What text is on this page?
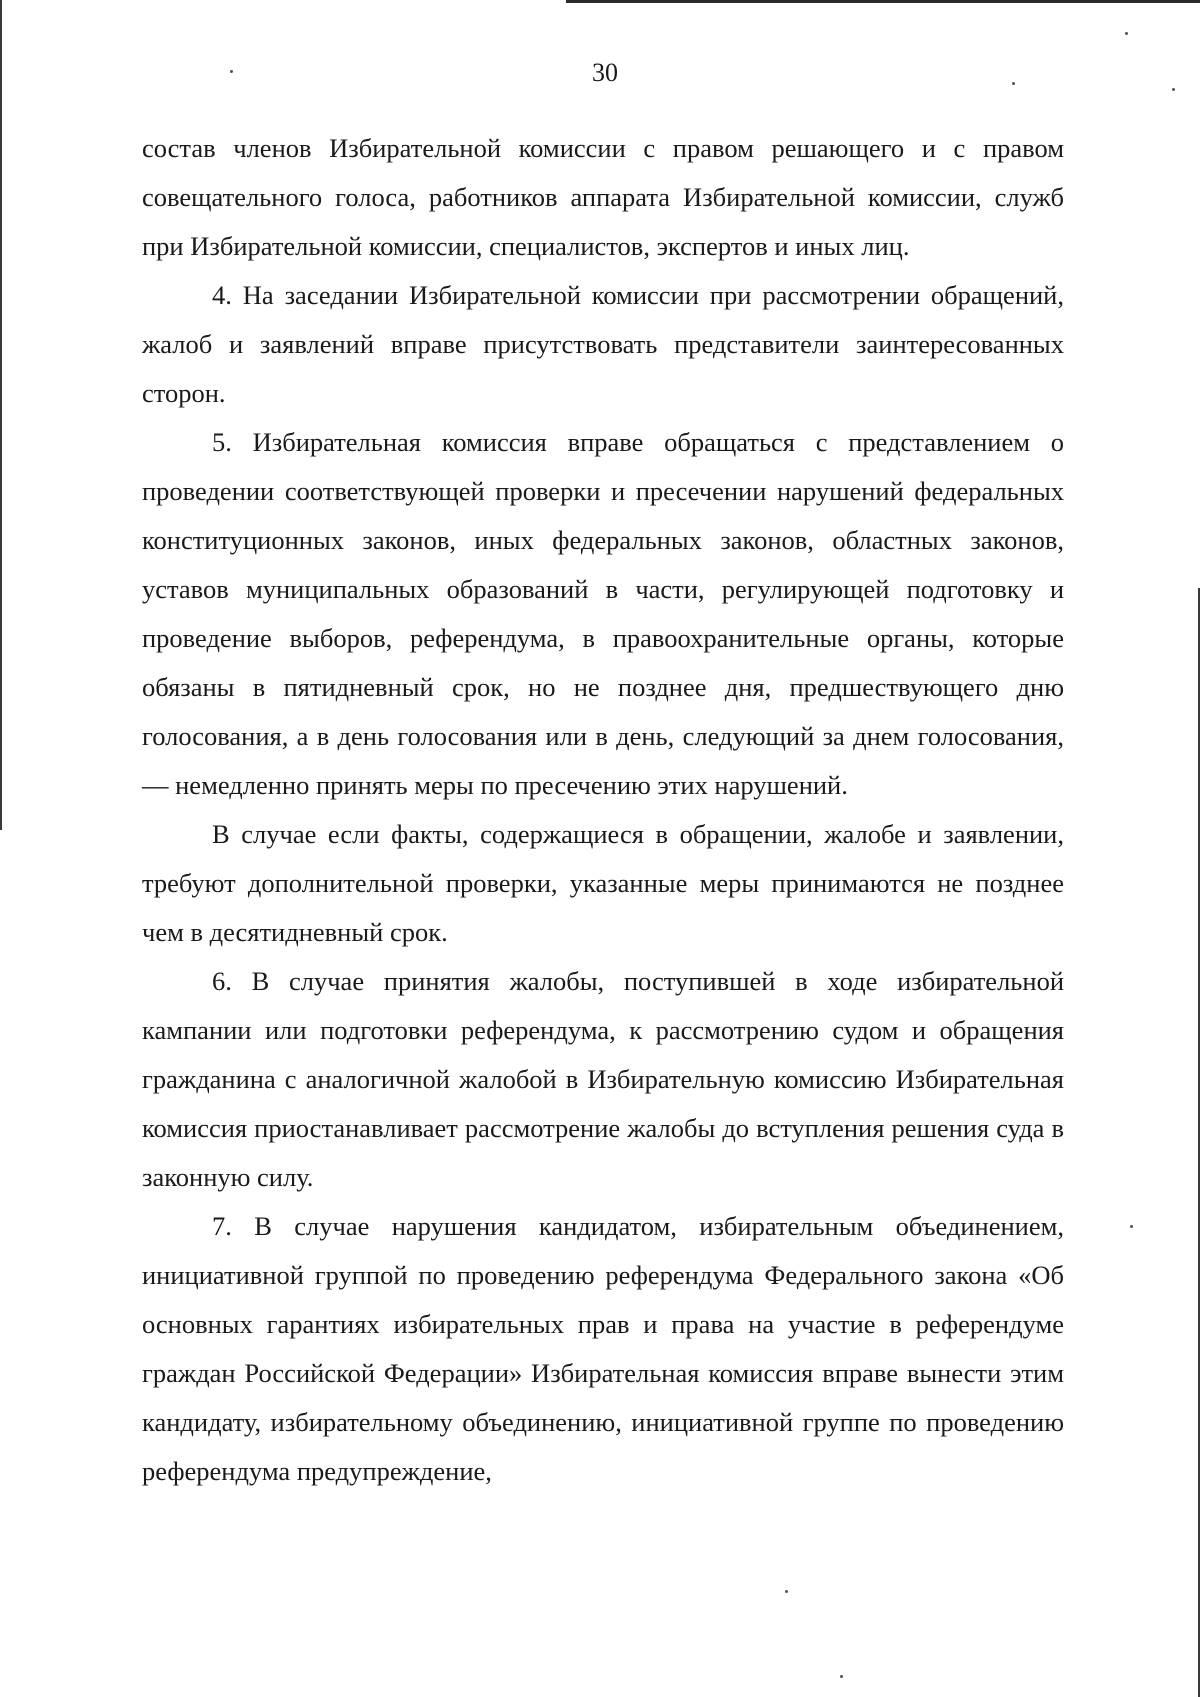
30

состав членов Избирательной комиссии с правом решающего и с правом совещательного голоса, работников аппарата Избирательной комиссии, служб при Избирательной комиссии, специалистов, экспертов и иных лиц.

4. На заседании Избирательной комиссии при рассмотрении обращений, жалоб и заявлений вправе присутствовать представители заинтересованных сторон.

5. Избирательная комиссия вправе обращаться с представлением о проведении соответствующей проверки и пресечении нарушений федеральных конституционных законов, иных федеральных законов, областных законов, уставов муниципальных образований в части, регулирующей подготовку и проведение выборов, референдума, в правоохранительные органы, которые обязаны в пятидневный срок, но не позднее дня, предшествующего дню голосования, а в день голосования или в день, следующий за днем голосования, — немедленно принять меры по пресечению этих нарушений.

В случае если факты, содержащиеся в обращении, жалобе и заявлении, требуют дополнительной проверки, указанные меры принимаются не позднее чем в десятидневный срок.

6. В случае принятия жалобы, поступившей в ходе избирательной кампании или подготовки референдума, к рассмотрению судом и обращения гражданина с аналогичной жалобой в Избирательную комиссию Избирательная комиссия приостанавливает рассмотрение жалобы до вступления решения суда в законную силу.

7. В случае нарушения кандидатом, избирательным объединением, инициативной группой по проведению референдума Федерального закона «Об основных гарантиях избирательных прав и права на участие в референдуме граждан Российской Федерации» Избирательная комиссия вправе вынести этим кандидату, избирательному объединению, инициативной группе по проведению референдума предупреждение,
